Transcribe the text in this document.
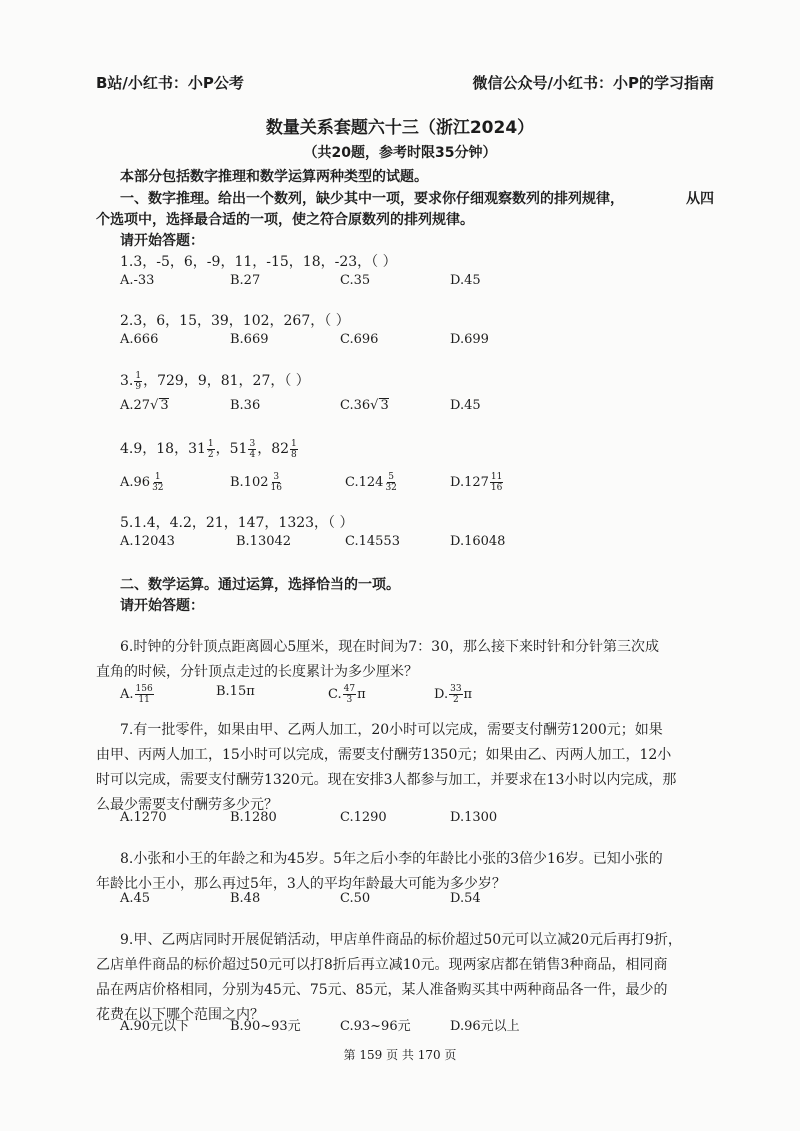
B站/小红书：小P公考	微信公众号/小红书：小P的学习指南
数量关系套题六十三（浙江2024）
（共20题，参考时限35分钟）
本部分包括数字推理和数学运算两种类型的试题。
一、数字推理。给出一个数列，缺少其中一项，要求你仔细观察数列的排列规律，	从四
个选项中，选择最合适的一项，使之符合原数列的排列规律。
请开始答题：
1.3，-5，6，-9，11，-15，18，-23，（ ）
A.-33	B.27	C.35	D.45
2.3，6，15，39，102，267，（ ）
A.666	B.669	C.696	D.699
3. $\frac{1}{9}$ ，729，9，81，27，（ ）
A.27√ 3	B.36	C.36√ 3	D.45
4.9，18，$31 \frac{1}{2}$ ，$51 \frac{3}{4}$ ，$82 \frac{1}{8}$
$A.96 \frac{1}{32}$	$B.102 \frac{3}{16}$	$C.124 \frac{5}{32}$	$D.127 \frac{11}{16}$
5.1.4，4.2，21，147，1323，（ ）
A.12043	B.13042	C.14553	D.16048
二、数学运算。通过运算，选择恰当的一项。
请开始答题：
6.时钟的分针顶点距离圆心5厘米，现在时间为7：30，那么接下来时针和分针第三次成
直角的时候，分针顶点走过的长度累计为多少厘米？
A. $\frac{156}{11}$	B.15π	C. $\frac{47}{3}$ π	D. $\frac{33}{2}$ π
7.有一批零件，如果由甲、乙两人加工，20小时可以完成，需要支付酬劳1200元；如果
由甲、丙两人加工，15小时可以完成，需要支付酬劳1350元；如果由乙、丙两人加工，12小
时可以完成，需要支付酬劳1320元。现在安排3人都参与加工，并要求在13小时以内完成，那
么最少需要支付酬劳多少元？
A.1270	B.1280	C.1290	D.1300
8.小张和小王的年龄之和为45岁。5年之后小李的年龄比小张的3倍少16岁。已知小张的
年龄比小王小，那么再过5年，3人的平均年龄最大可能为多少岁？
A.45	B.48	C.50	D.54
9.甲、乙两店同时开展促销活动，甲店单件商品的标价超过50元可以立减20元后再打9折，
乙店单件商品的标价超过50元可以打8折后再立减10元。现两家店都在销售3种商品，相同商
品在两店价格相同，分别为45元、75元、85元，某人准备购买其中两种商品各一件，最少的
花费在以下哪个范围之内？
A.90元以下	B.90~93元	C.93~96元	D.96元以上
第 159 页 共 170 页
